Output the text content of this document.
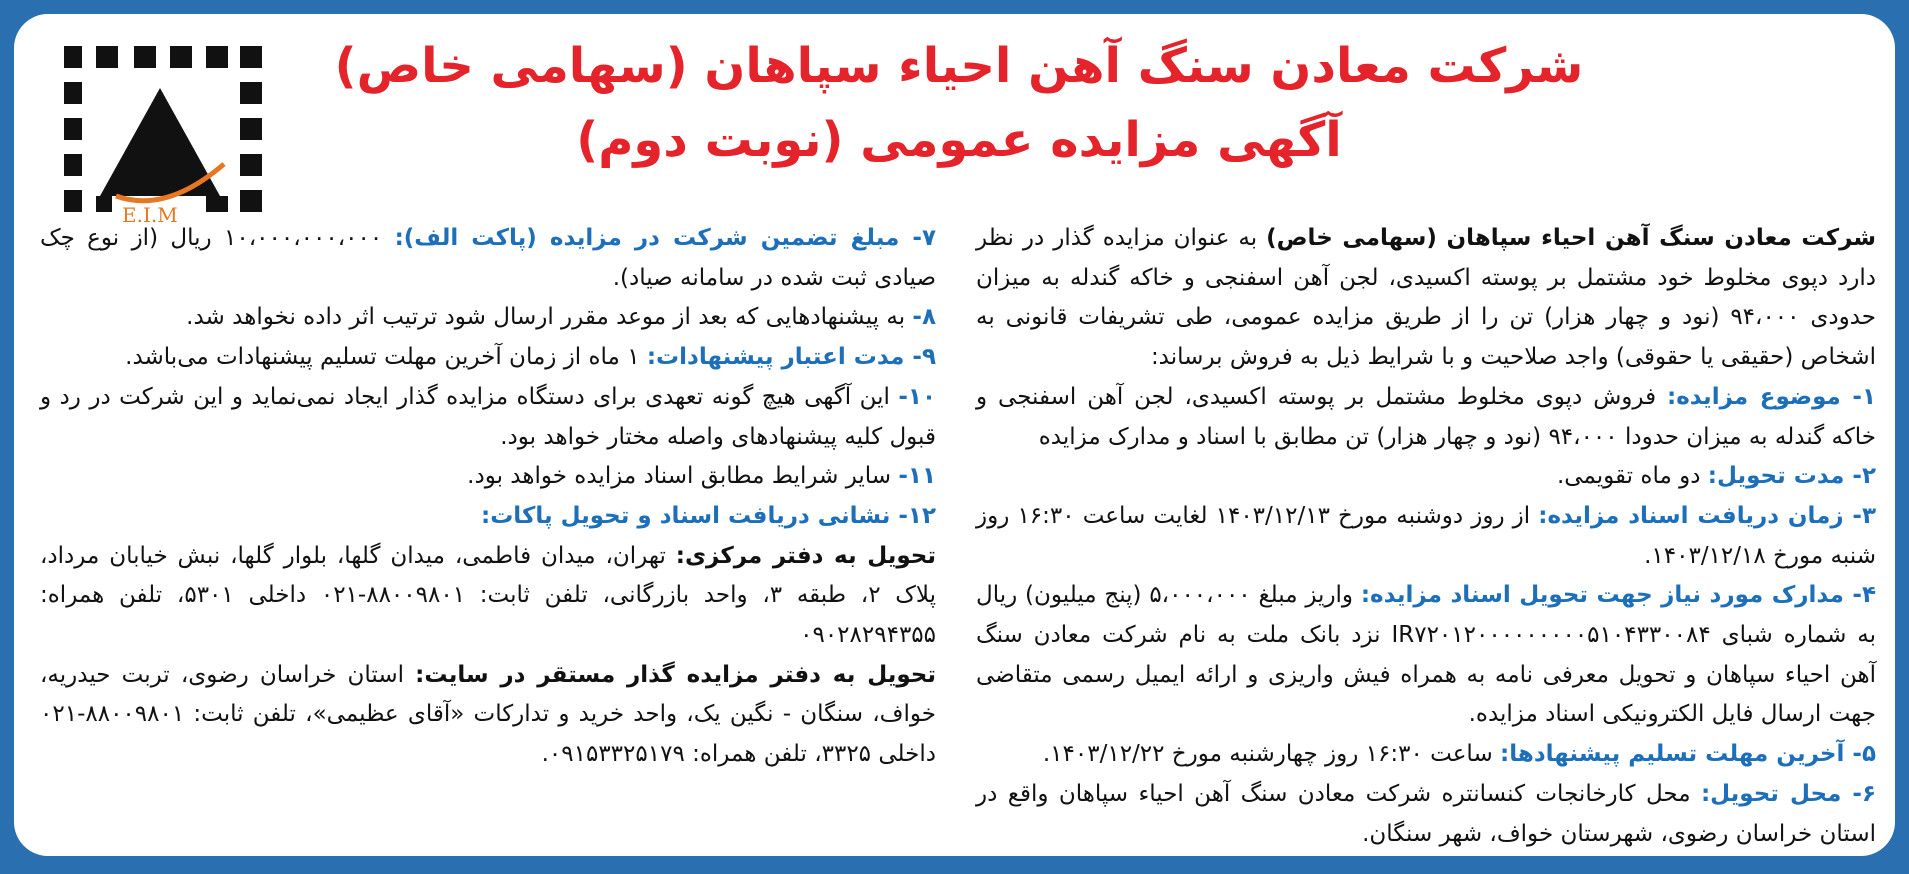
E.I.M
شرکت معادن سنگ آهن احیاء سپاهان (سهامی خاص)
آگهی مزایده عمومی (نوبت دوم)

شرکت معادن سنگ آهن احیاء سپاهان (سهامی خاص) به عنوان مزایده گذار در نظر دارد دپوی مخلوط خود مشتمل بر پوسته اکسیدی، لجن آهن اسفنجی و خاکه گندله به میزان حدودی ۹۴،۰۰۰ (نود و چهار هزار) تن را از طریق مزایده عمومی، طی تشریفات قانونی به اشخاص (حقیقی یا حقوقی) واجد صلاحیت و با شرایط ذیل به فروش برساند:

۱- موضوع مزایده: فروش دپوی مخلوط مشتمل بر پوسته اکسیدی، لجن آهن اسفنجی و خاکه گندله به میزان حدودا ۹۴،۰۰۰ (نود و چهار هزار) تن مطابق با اسناد و مدارک مزایده

۲- مدت تحویل: دو ماه تقویمی.

۳- زمان دریافت اسناد مزایده: از روز دوشنبه مورخ ۱۴۰۳/۱۲/۱۳ لغایت ساعت ۱۶:۳۰ روز شنبه مورخ ۱۴۰۳/۱۲/۱۸.

۴- مدارک مورد نیاز جهت تحویل اسناد مزایده: واریز مبلغ ۵،۰۰۰،۰۰۰ (پنج میلیون) ریال به شماره شبای IR۷۲۰۱۲۰۰۰۰۰۰۰۰۰۵۱۰۴۳۳۰۰۸۴ نزد بانک ملت به نام شرکت معادن سنگ آهن احیاء سپاهان و تحویل معرفی نامه به همراه فیش واریزی و ارائه ایمیل رسمی متقاضی جهت ارسال فایل الکترونیکی اسناد مزایده.

۵- آخرین مهلت تسلیم پیشنهادها: ساعت ۱۶:۳۰ روز چهارشنبه مورخ ۱۴۰۳/۱۲/۲۲.

۶- محل تحویل: محل کارخانجات کنسانتره شرکت معادن سنگ آهن احیاء سپاهان واقع در استان خراسان رضوی، شهرستان خواف، شهر سنگان.

۷- مبلغ تضمین شرکت در مزایده (پاکت الف): ۱۰،۰۰۰،۰۰۰،۰۰۰ ریال (از نوع چک صیادی ثبت شده در سامانه صیاد).

۸- به پیشنهادهایی که بعد از موعد مقرر ارسال شود ترتیب اثر داده نخواهد شد.

۹- مدت اعتبار پیشنهادات: ۱ ماه از زمان آخرین مهلت تسلیم پیشنهادات می‌باشد.

۱۰- این آگهی هیچ گونه تعهدی برای دستگاه مزایده گذار ایجاد نمی‌نماید و این شرکت در رد و قبول کلیه پیشنهادهای واصله مختار خواهد بود.

۱۱- سایر شرایط مطابق اسناد مزایده خواهد بود.

۱۲- نشانی دریافت اسناد و تحویل پاکات:

تحویل به دفتر مرکزی: تهران، میدان فاطمی، میدان گلها، بلوار گلها، نبش خیابان مرداد، پلاک ۲، طبقه ۳، واحد بازرگانی، تلفن ثابت: ۸۸۰۰۹۸۰۱-۰۲۱ داخلی ۵۳۰۱، تلفن همراه: ۰۹۰۲۸۲۹۴۳۵۵

تحویل به دفتر مزایده گذار مستقر در سایت: استان خراسان رضوی، تربت حیدریه، خواف، سنگان - نگین یک، واحد خرید و تدارکات «آقای عظیمی»، تلفن ثابت: ۸۸۰۰۹۸۰۱-۰۲۱ داخلی ۳۳۲۵، تلفن همراه: ۰۹۱۵۳۳۲۵۱۷۹.
